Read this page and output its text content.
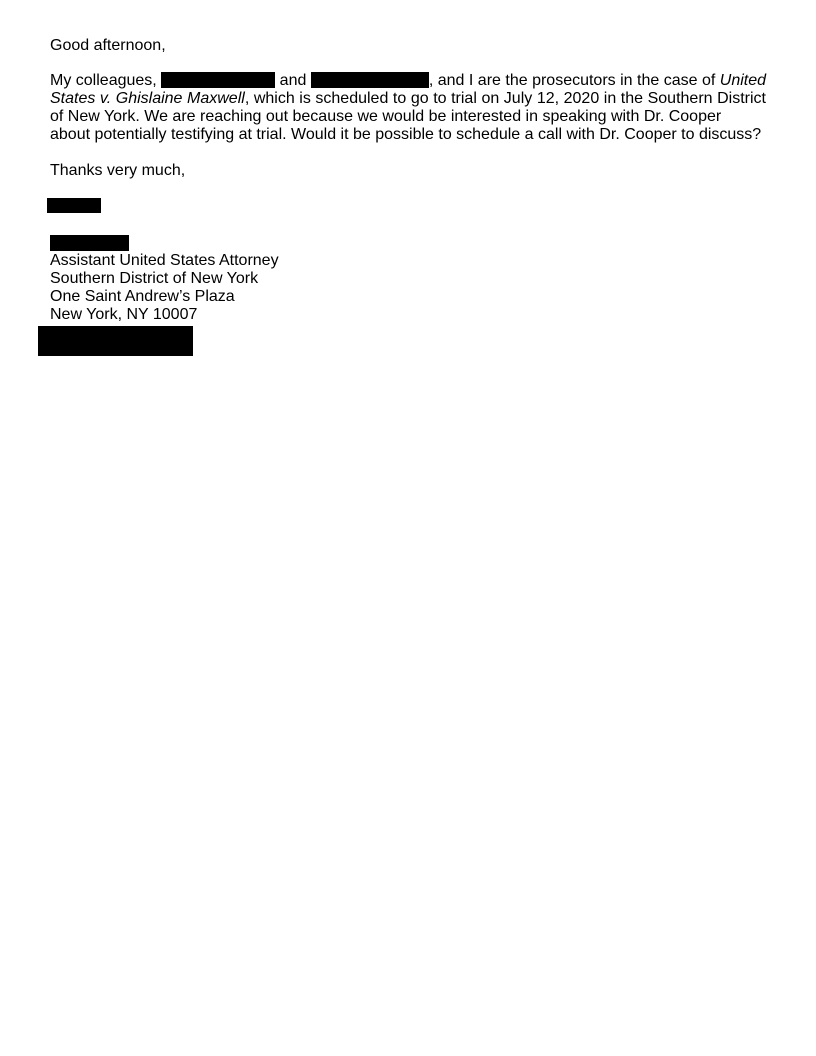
Good afternoon,
My colleagues,	and	, and I are the prosecutors in the case of United
States v. Ghislaine Maxwell, which is scheduled to go to trial on July 12, 2020 in the Southern District
of New York. We are reaching out because we would be interested in speaking with Dr. Cooper
about potentially testifying at trial. Would it be possible to schedule a call with Dr. Cooper to discuss?
Thanks very much,
Assistant United States Attorney
Southern District of New York
One Saint Andrew’s Plaza
New York, NY 10007
